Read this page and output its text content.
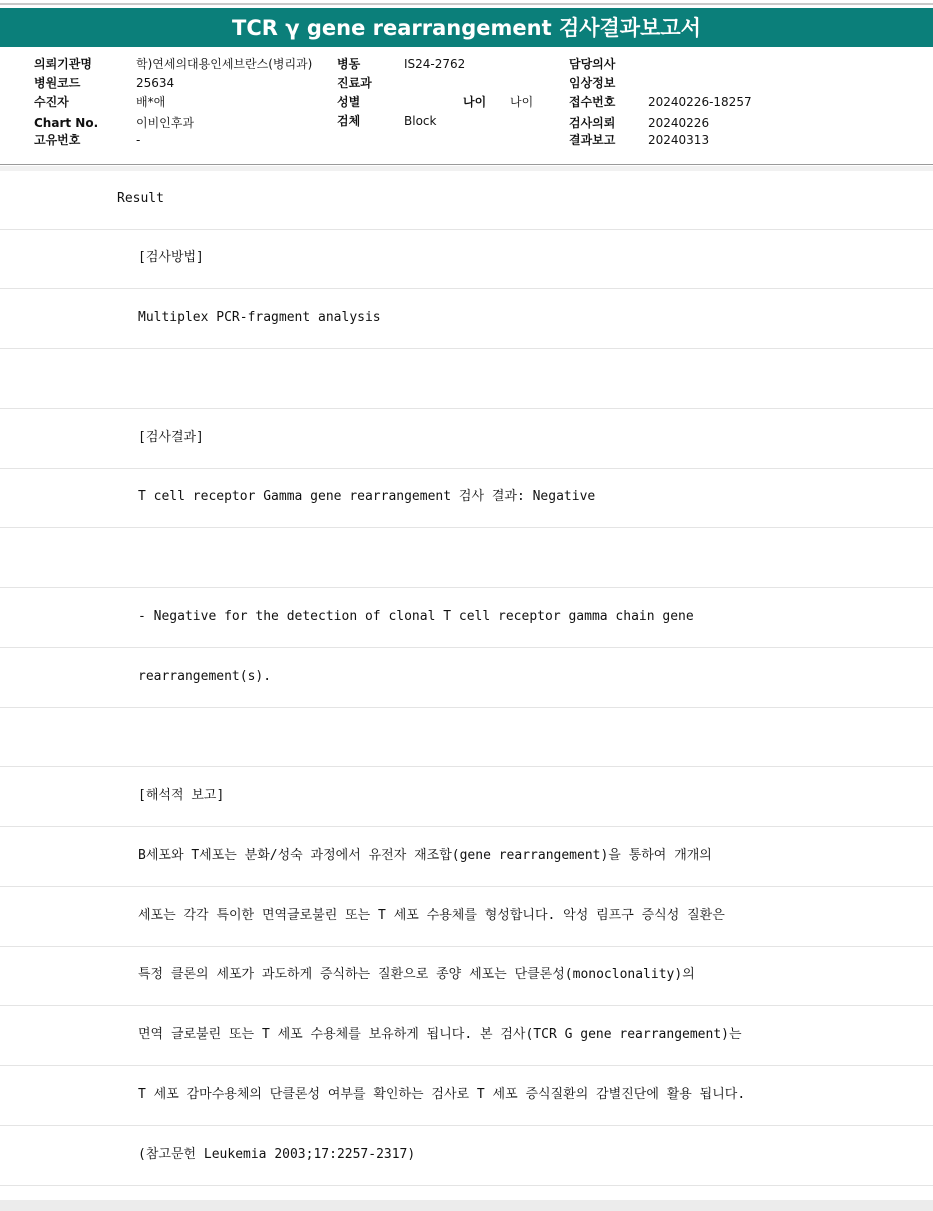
TCR γ gene rearrangement 검사결과보고서
의뢰기관명	학)연세의대용인세브란스(병리과)
병원코드	25634
수진자	배*애
Chart No.	이비인후과
고유번호	-
병동	IS24-2762
진료과
성별	나이 나이
검체	Block
담당의사
임상정보
접수번호	20240226-18257
검사의뢰	20240226
결과보고	20240313
Result
[검사방법]
Multiplex PCR-fragment analysis
[검사결과]
T cell receptor Gamma gene rearrangement 검사 결과: Negative
- Negative for the detection of clonal T cell receptor gamma chain gene
rearrangement(s).
[해석적 보고]
B세포와 T세포는 분화/성숙 과정에서 유전자 재조합(gene rearrangement)을 통하여 개개의
세포는 각각 특이한 면역글로불린 또는 T 세포 수용체를 형성합니다. 악성 림프구 증식성 질환은
특정 클론의 세포가 과도하게 증식하는 질환으로 종양 세포는 단클론성(monoclonality)의
면역 글로불린 또는 T 세포 수용체를 보유하게 됩니다. 본 검사(TCR G gene rearrangement)는
T 세포 감마수용체의 단클론성 여부를 확인하는 검사로 T 세포 증식질환의 감별진단에 활용 됩니다.
(참고문헌 Leukemia 2003;17:2257-2317)
